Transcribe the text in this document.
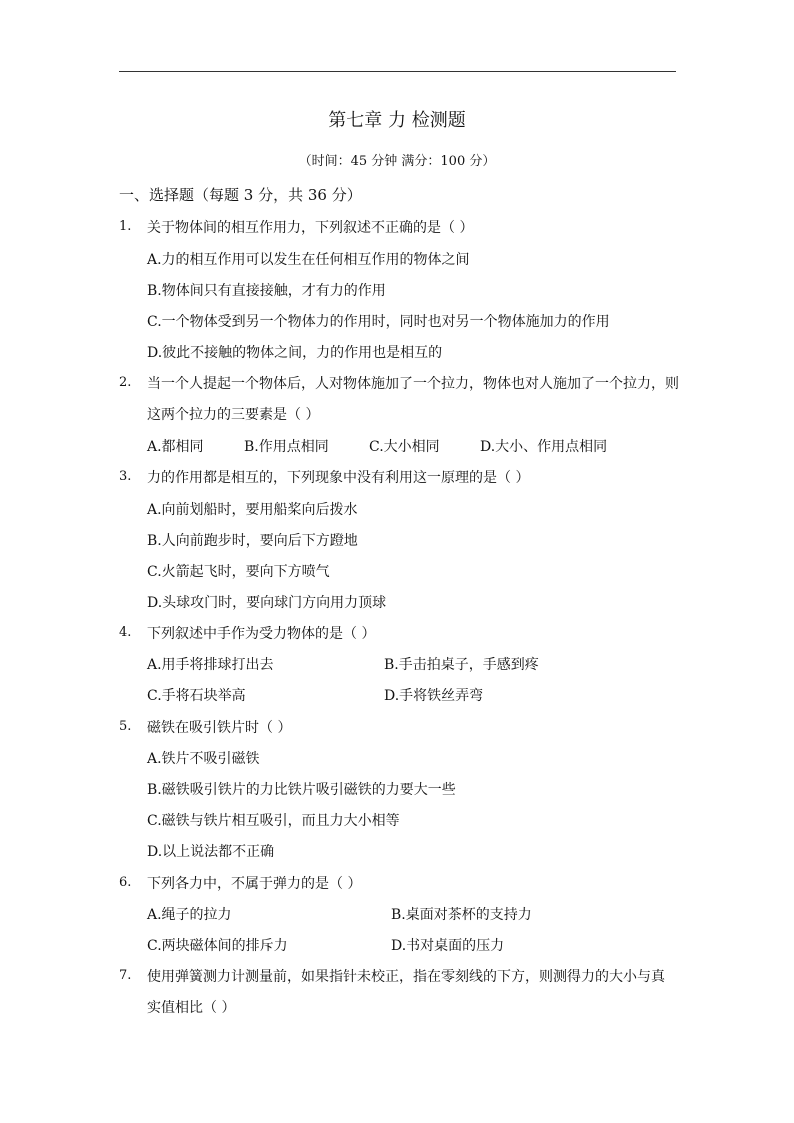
第七章 力 检测题
（时间：45 分钟 满分：100 分）
一、选择题（每题 3 分，共 36 分）
1. 关于物体间的相互作用力，下列叙述不正确的是（ ）
A.力的相互作用可以发生在任何相互作用的物体之间
B.物体间只有直接接触，才有力的作用
C.一个物体受到另一个物体力的作用时，同时也对另一个物体施加力的作用
D.彼此不接触的物体之间，力的作用也是相互的
2. 当一个人提起一个物体后，人对物体施加了一个拉力，物体也对人施加了一个拉力，则
这两个拉力的三要素是（ ）
A.都相同	B.作用点相同	C.大小相同	D.大小、作用点相同
3. 力的作用都是相互的，下列现象中没有利用这一原理的是（ ）
A.向前划船时，要用船桨向后拨水
B.人向前跑步时，要向后下方蹬地
C.火箭起飞时，要向下方喷气
D.头球攻门时，要向球门方向用力顶球
4. 下列叙述中手作为受力物体的是（ ）
A.用手将排球打出去	B.手击拍桌子，手感到疼
C.手将石块举高	D.手将铁丝弄弯
5. 磁铁在吸引铁片时（ ）
A.铁片不吸引磁铁
B.磁铁吸引铁片的力比铁片吸引磁铁的力要大一些
C.磁铁与铁片相互吸引，而且力大小相等
D.以上说法都不正确
6. 下列各力中，不属于弹力的是（ ）
A.绳子的拉力	B.桌面对茶杯的支持力
C.两块磁体间的排斥力	D.书对桌面的压力
7. 使用弹簧测力计测量前，如果指针未校正，指在零刻线的下方，则测得力的大小与真
实值相比（ ）
